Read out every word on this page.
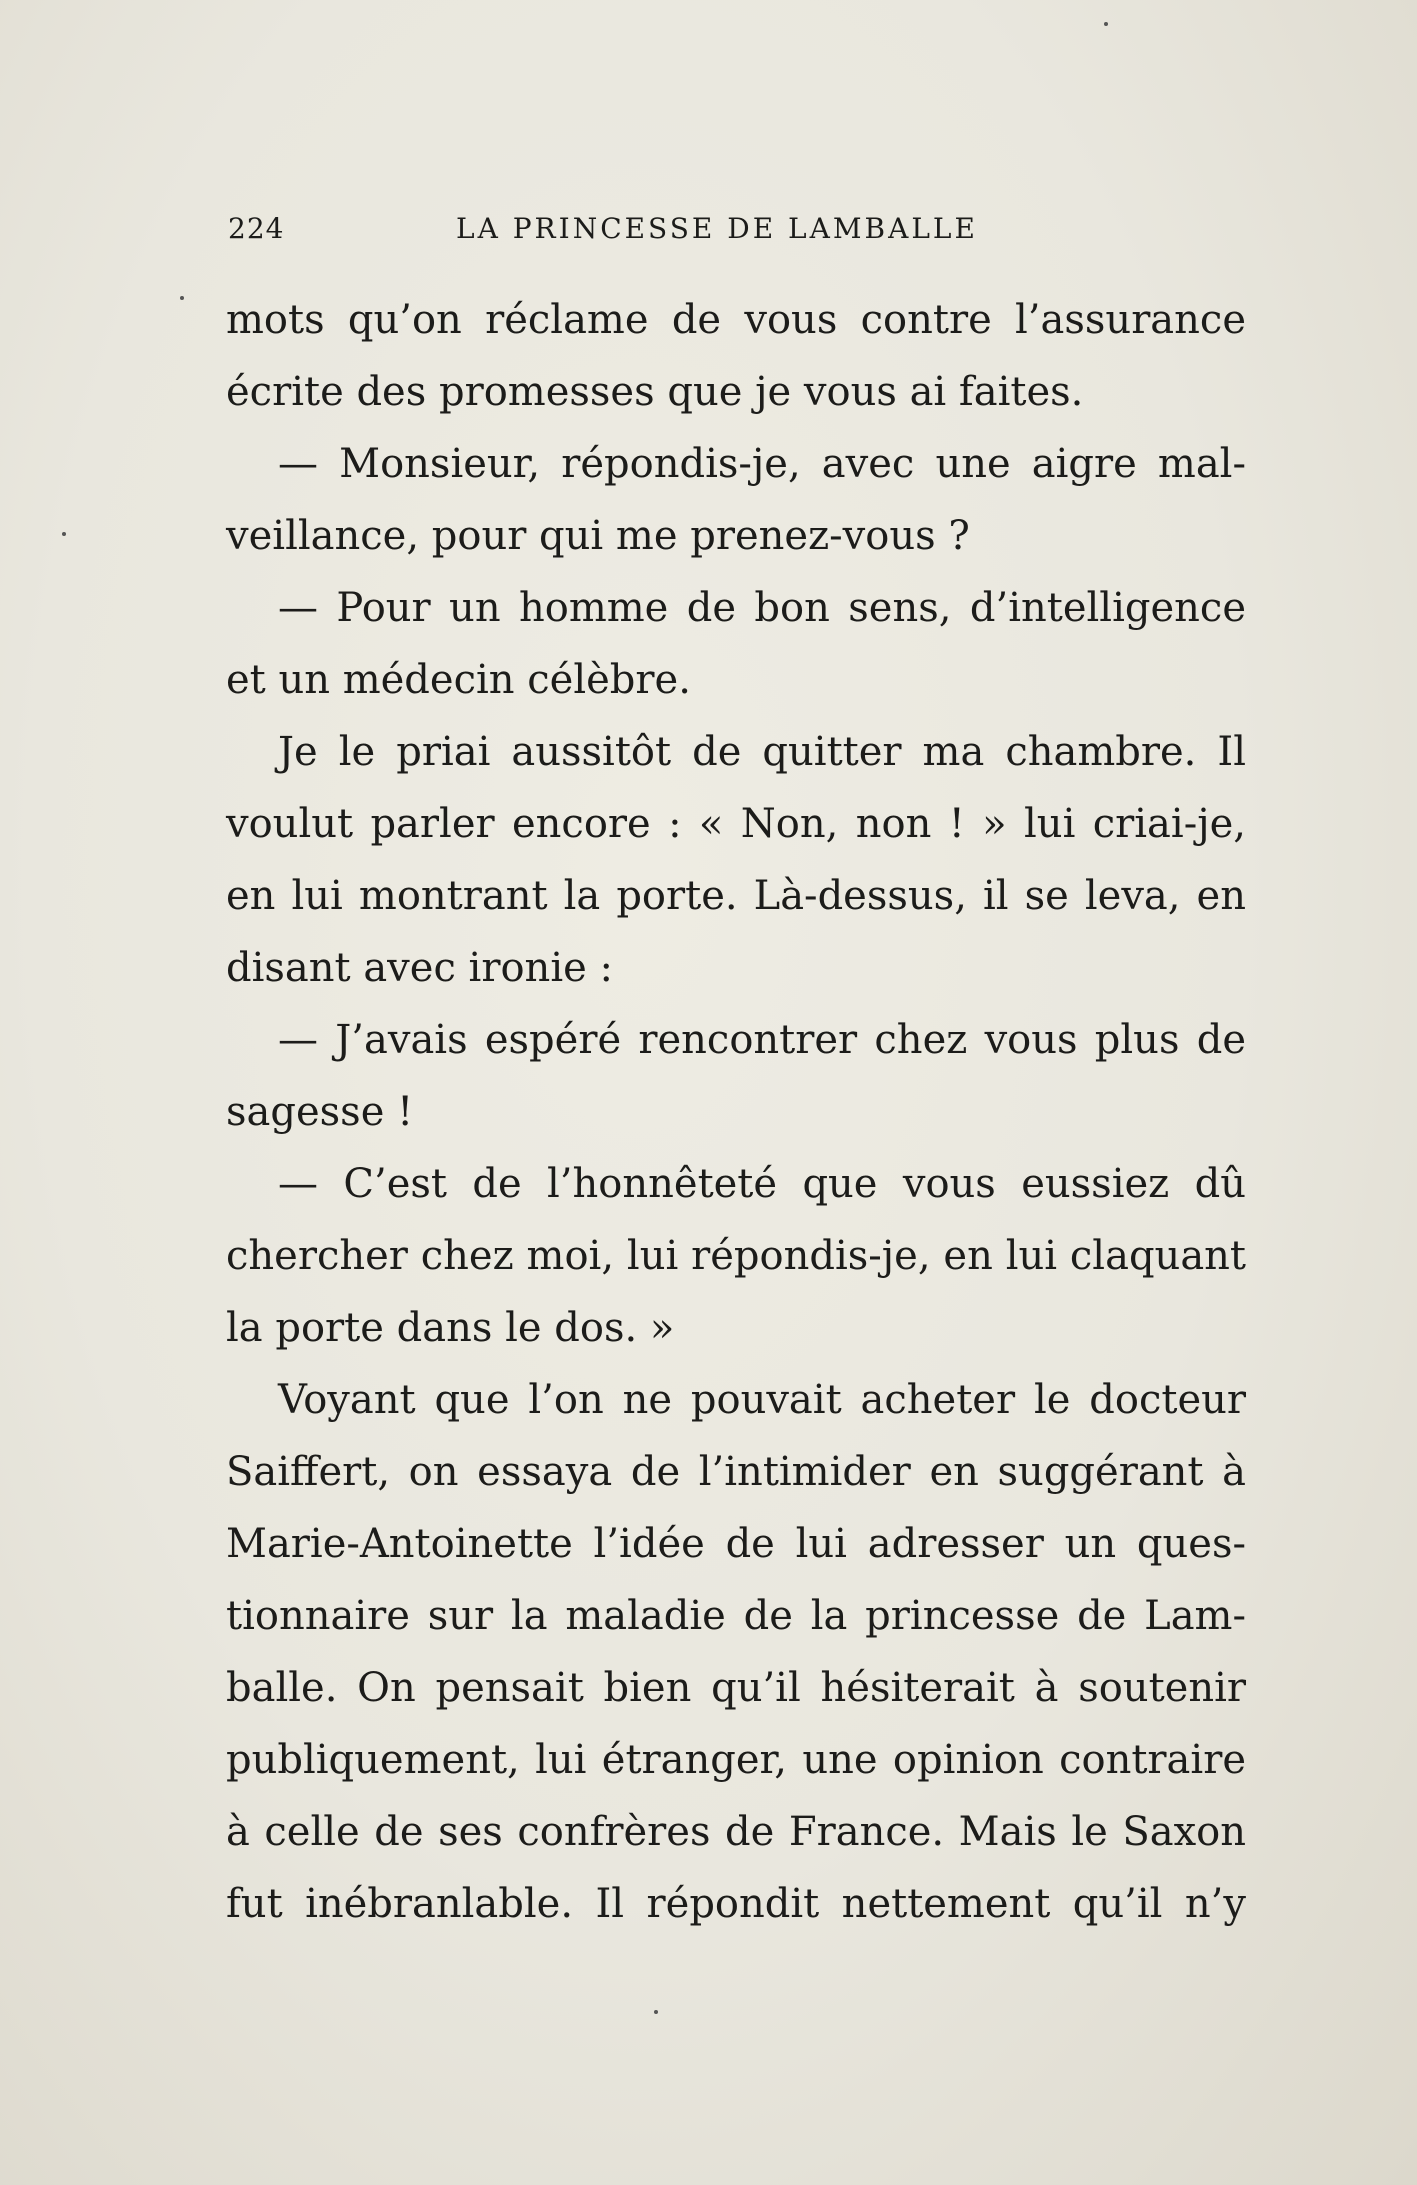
224	LA PRINCESSE DE LAMBALLE
mots qu’on réclame de vous contre l’assurance
écrite des promesses que je vous ai faites.
— Monsieur, répondis-je, avec une aigre mal-
veillance, pour qui me prenez-vous ?
— Pour un homme de bon sens, d’intelligence
et un médecin célèbre.
Je le priai aussitôt de quitter ma chambre. Il
voulut parler encore : « Non, non ! » lui criai-je,
en lui montrant la porte. Là-dessus, il se leva, en
disant avec ironie :
— J’avais espéré rencontrer chez vous plus de
sagesse !
— C’est de l’honnêteté que vous eussiez dû
chercher chez moi, lui répondis-je, en lui claquant
la porte dans le dos. »
Voyant que l’on ne pouvait acheter le docteur
Saiffert, on essaya de l’intimider en suggérant à
Marie-Antoinette l’idée de lui adresser un ques-
tionnaire sur la maladie de la princesse de Lam-
balle. On pensait bien qu’il hésiterait à soutenir
publiquement, lui étranger, une opinion contraire
à celle de ses confrères de France. Mais le Saxon
fut inébranlable. Il répondit nettement qu’il n’y
